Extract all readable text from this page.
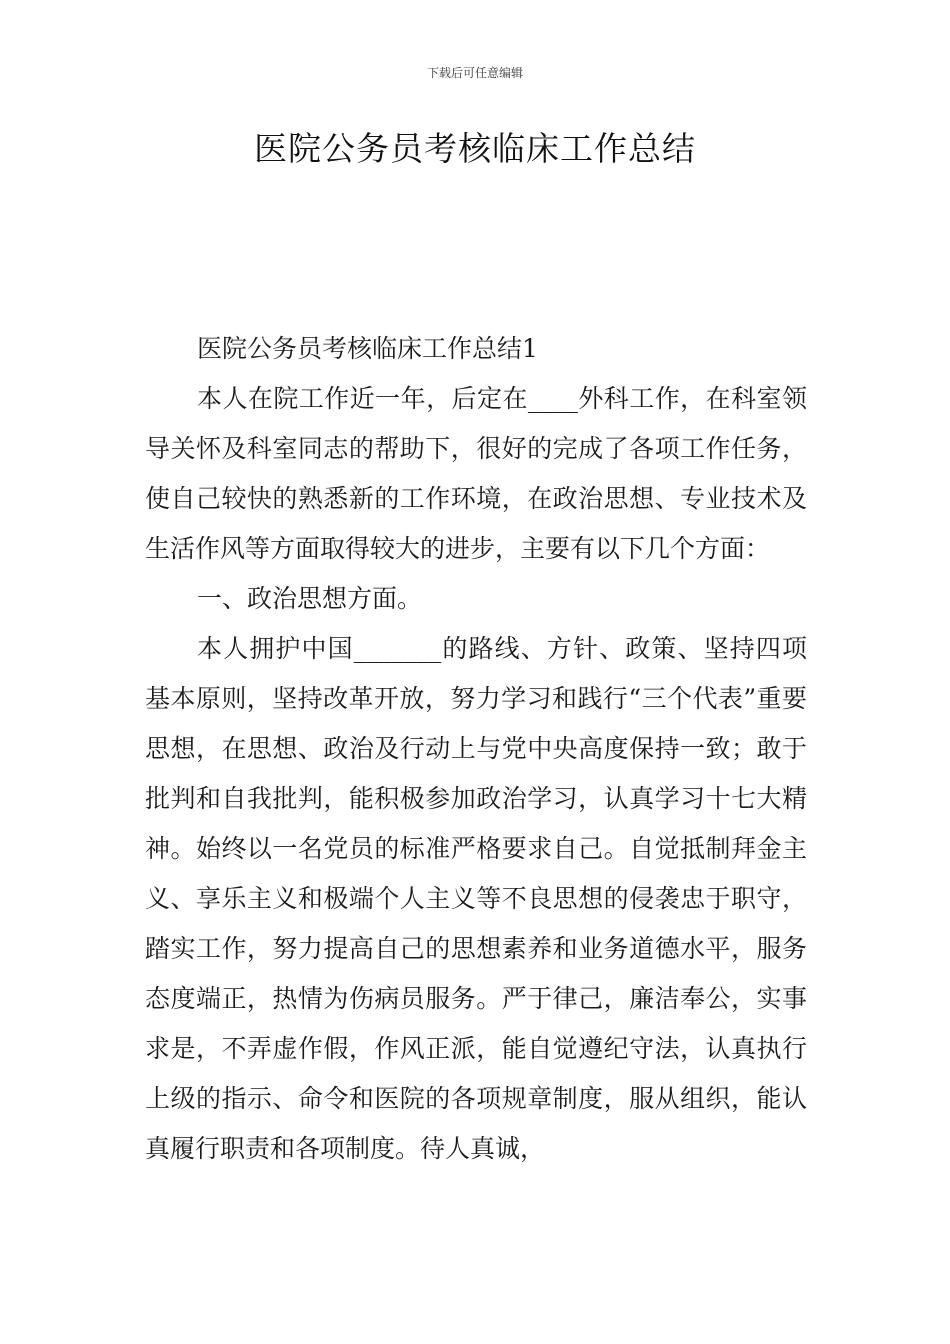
下载后可任意编辑
医院公务员考核临床工作总结

医院公务员考核临床工作总结1

本人在院工作近一年，后定在____外科工作，在科室领导关怀及科室同志的帮助下，很好的完成了各项工作任务，使自己较快的熟悉新的工作环境，在政治思想、专业技术及生活作风等方面取得较大的进步，主要有以下几个方面：

一、政治思想方面。

本人拥护中国_______的路线、方针、政策、坚持四项基本原则，坚持改革开放，努力学习和践行“三个代表”重要思想，在思想、政治及行动上与党中央高度保持一致；敢于批判和自我批判，能积极参加政治学习，认真学习十七大精神。始终以一名党员的标准严格要求自己。自觉抵制拜金主义、享乐主义和极端个人主义等不良思想的侵袭忠于职守，踏实工作，努力提高自己的思想素养和业务道德水平，服务态度端正，热情为伤病员服务。严于律己，廉洁奉公，实事求是，不弄虚作假，作风正派，能自觉遵纪守法，认真执行上级的指示、命令和医院的各项规章制度，服从组织，能认真履行职责和各项制度。待人真诚，
